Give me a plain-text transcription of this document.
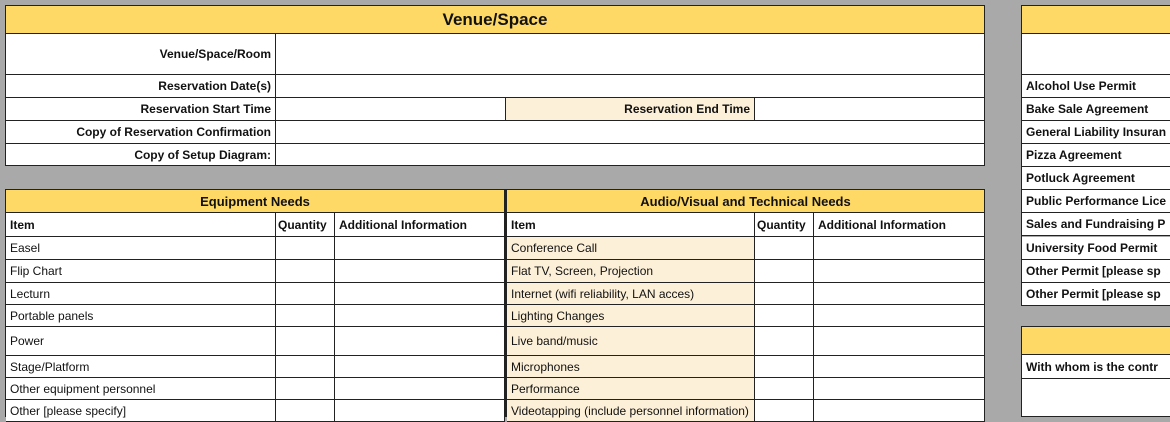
Venue/Space
Venue/Space/Room
Reservation Date(s)
Reservation Start Time	Reservation End Time
Copy of Reservation Confirmation
Copy of Setup Diagram:
Equipment Needs
Item	Quantity	Additional Information
Easel
Flip Chart
Lecturn
Portable panels
Power
Stage/Platform
Other equipment personnel
Other [please specify]
Audio/Visual and Technical Needs
Item	Quantity	Additional Information
Conference Call
Flat TV, Screen, Projection
Internet (wifi reliability, LAN acces)
Lighting Changes
Live band/music
Microphones
Performance
Videotapping (include personnel information)
Alcohol Use Permit
Bake Sale Agreement
General Liability Insuran
Pizza Agreement
Potluck Agreement
Public Performance Lice
Sales and Fundraising P
University Food Permit
Other Permit [please sp
Other Permit [please sp
With whom is the contr
